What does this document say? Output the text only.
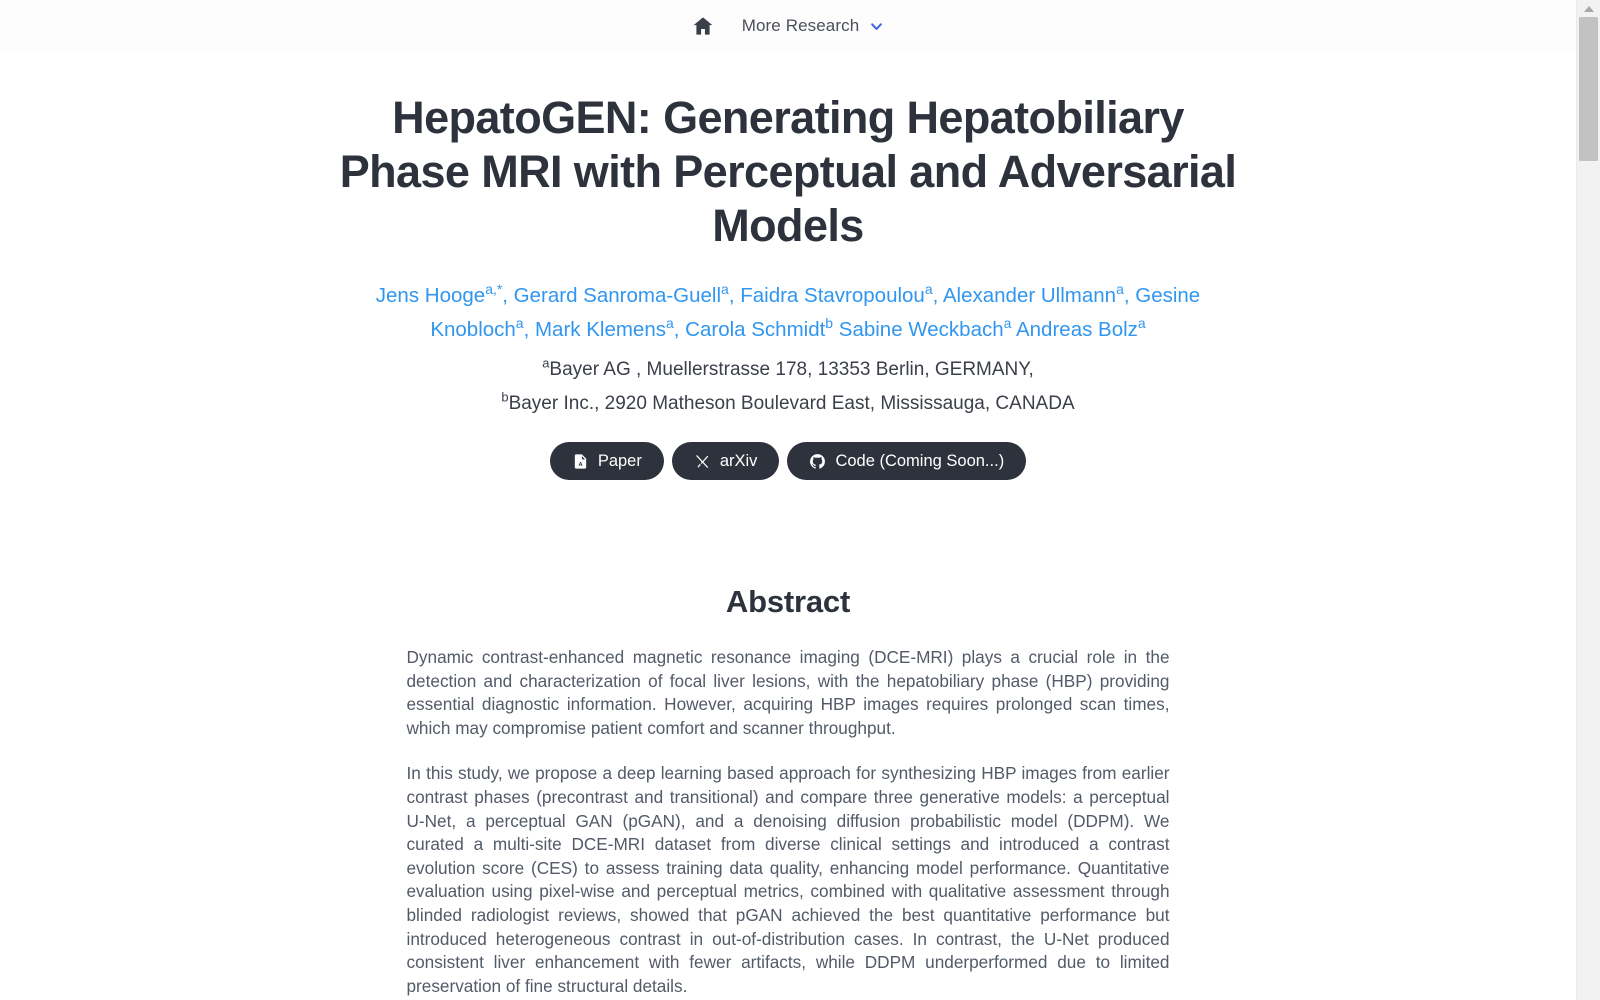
More Research
HepatoGEN: Generating Hepatobiliary Phase MRI with Perceptual and Adversarial Models
Jens Hooge$^{a,*}$, Gerard Sanroma-Guell$^a$, Faidra Stavropoulou$^a$, Alexander Ullmann$^a$, Gesine Knobloch$^a$, Mark Klemens$^a$, Carola Schmidt$^b$ Sabine Weckbach$^a$ Andreas Bolz$^a$
$^a$Bayer AG , Muellerstrasse 178, 13353 Berlin, GERMANY,
$^b$Bayer Inc., 2920 Matheson Boulevard East, Mississauga, CANADA
A Paper	arXiv	Code (Coming Soon...)
Abstract

Dynamic contrast-enhanced magnetic resonance imaging (DCE-MRI) plays a crucial role in the detection and characterization of focal liver lesions, with the hepatobiliary phase (HBP) providing essential diagnostic information. However, acquiring HBP images requires prolonged scan times, which may compromise patient comfort and scanner throughput.

In this study, we propose a deep learning based approach for synthesizing HBP images from earlier contrast phases (precontrast and transitional) and compare three generative models: a perceptual U-Net, a perceptual GAN (pGAN), and a denoising diffusion probabilistic model (DDPM). We curated a multi-site DCE-MRI dataset from diverse clinical settings and introduced a contrast evolution score (CES) to assess training data quality, enhancing model performance. Quantitative evaluation using pixel-wise and perceptual metrics, combined with qualitative assessment through blinded radiologist reviews, showed that pGAN achieved the best quantitative performance but introduced heterogeneous contrast in out-of-distribution cases. In contrast, the U-Net produced consistent liver enhancement with fewer artifacts, while DDPM underperformed due to limited preservation of fine structural details.
